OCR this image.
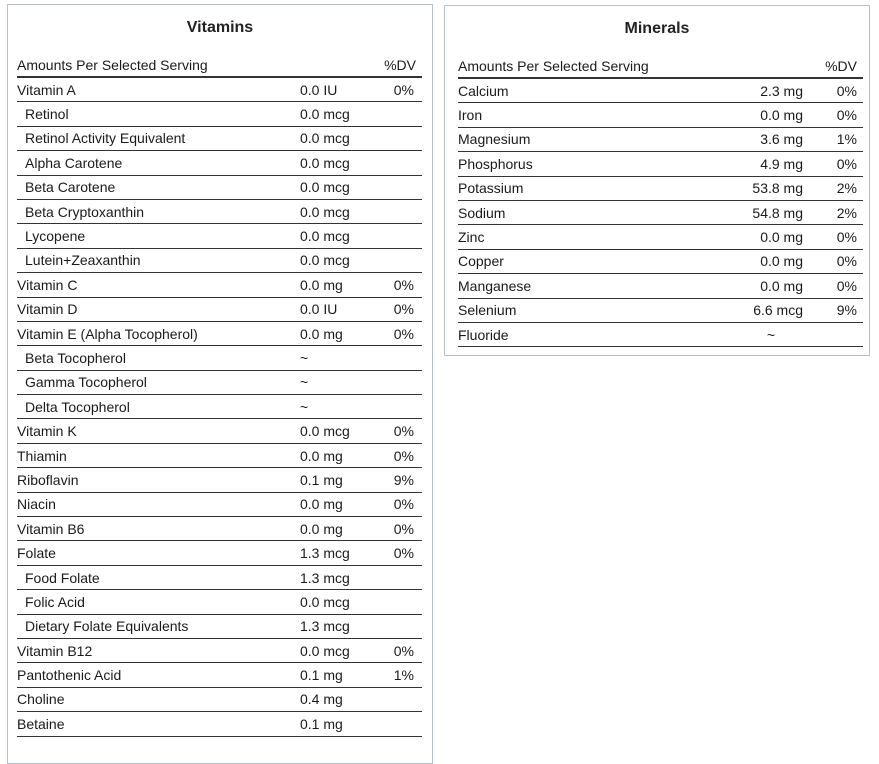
Vitamins
Amounts Per Selected Serving	%DV
Vitamin A	0.0 IU	0%
Retinol	0.0 mcg
Retinol Activity Equivalent	0.0 mcg
Alpha Carotene	0.0 mcg
Beta Carotene	0.0 mcg
Beta Cryptoxanthin	0.0 mcg
Lycopene	0.0 mcg
Lutein+Zeaxanthin	0.0 mcg
Vitamin C	0.0 mg	0%
Vitamin D	0.0 IU	0%
Vitamin E (Alpha Tocopherol)	0.0 mg	0%
Beta Tocopherol	~
Gamma Tocopherol	~
Delta Tocopherol	~
Vitamin K	0.0 mcg	0%
Thiamin	0.0 mg	0%
Riboflavin	0.1 mg	9%
Niacin	0.0 mg	0%
Vitamin B6	0.0 mg	0%
Folate	1.3 mcg	0%
Food Folate	1.3 mcg
Folic Acid	0.0 mcg
Dietary Folate Equivalents	1.3 mcg
Vitamin B12	0.0 mcg	0%
Pantothenic Acid	0.1 mg	1%
Choline	0.4 mg
Betaine	0.1 mg
Minerals
Amounts Per Selected Serving	%DV
Calcium	2.3 mg	0%
Iron	0.0 mg	0%
Magnesium	3.6 mg	1%
Phosphorus	4.9 mg	0%
Potassium	53.8 mg	2%
Sodium	54.8 mg	2%
Zinc	0.0 mg	0%
Copper	0.0 mg	0%
Manganese	0.0 mg	0%
Selenium	6.6 mcg	9%
Fluoride	~
